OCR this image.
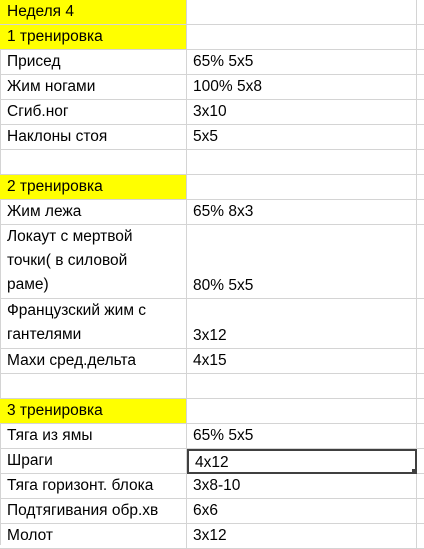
Неделя 4
1 тренировка
Присед	65% 5х5
Жим ногами	100% 5х8
Сгиб.ног	3х10
Наклоны стоя	5х5
2 тренировка
Жим лежа	65% 8х3
Локаут с мертвой
точки( в силовой
раме)	80% 5х5
Французский жим с
гантелями	3х12
Махи сред.дельта	4х15
3 тренировка
Тяга из ямы	65% 5х5
Шраги	4х12
Тяга горизонт. блока	3х8-10
Подтягивания обр.хв	6х6
Молот	3х12
